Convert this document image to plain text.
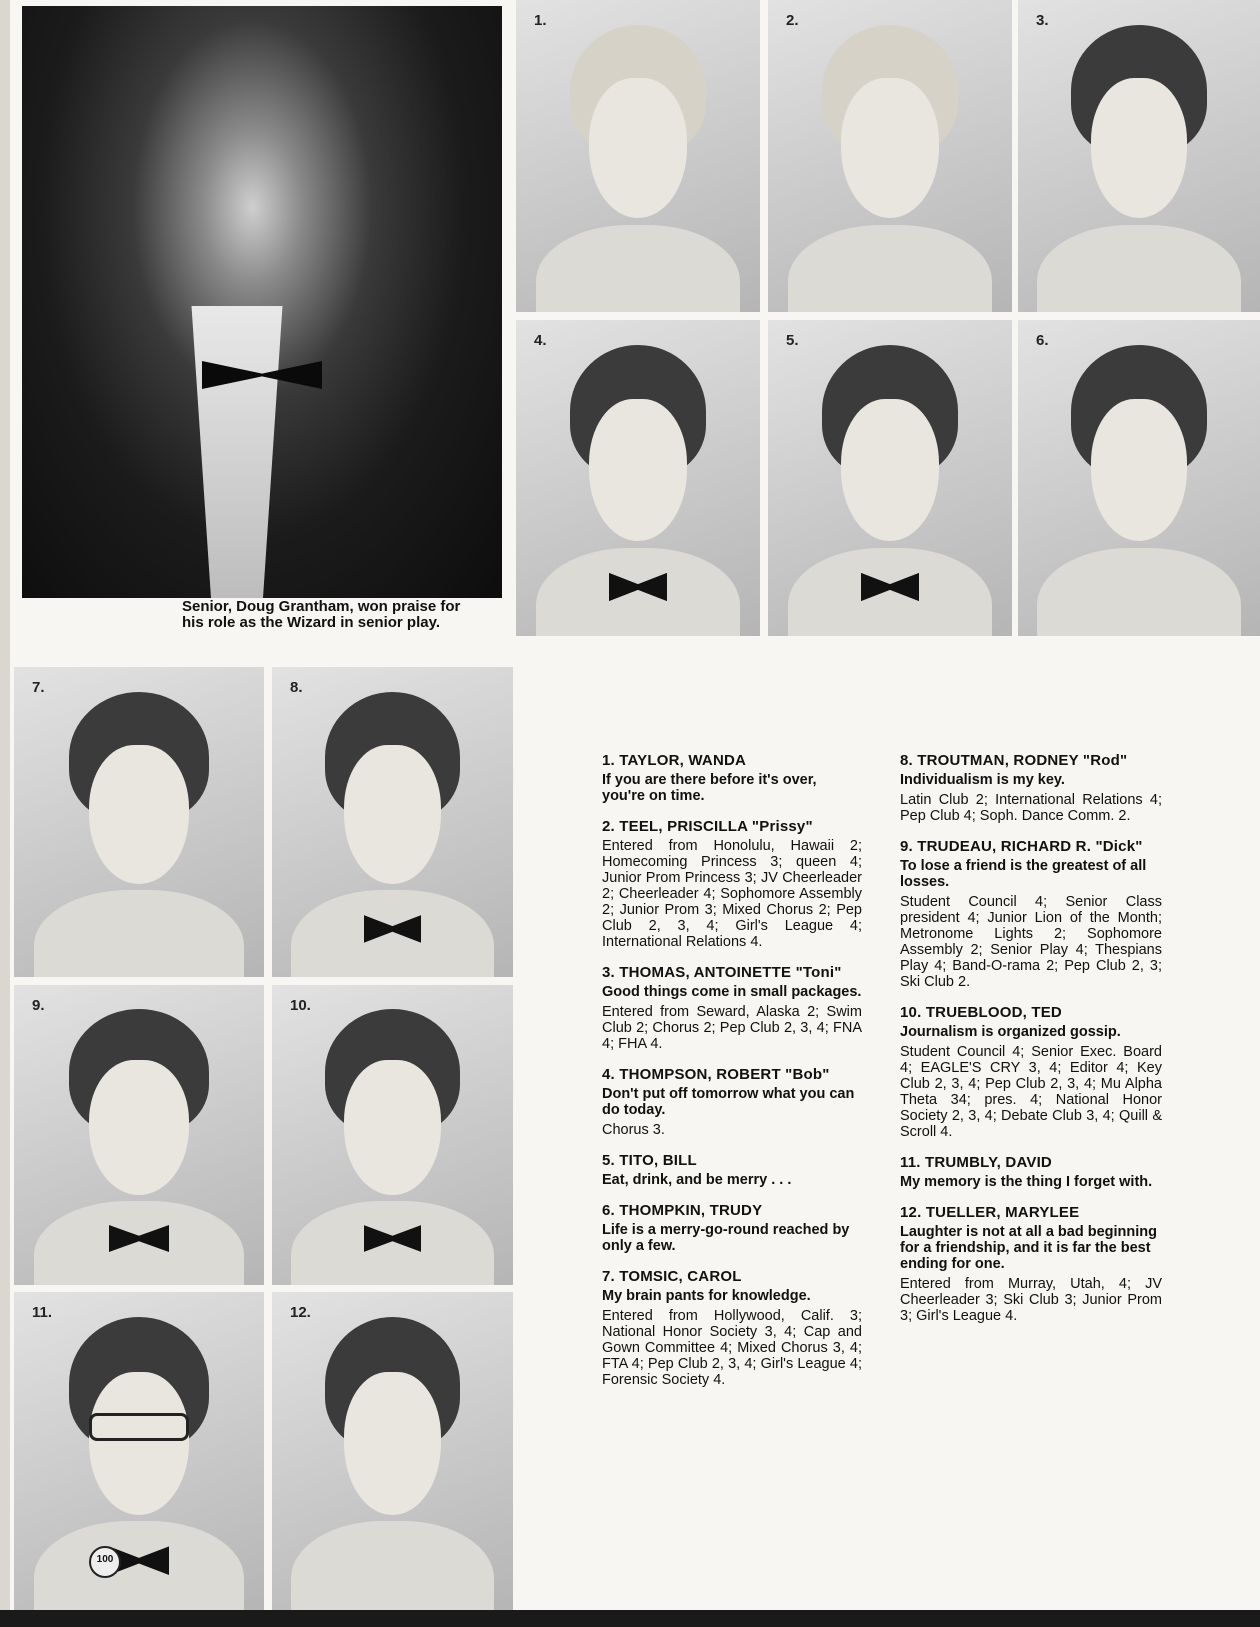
Senior, Doug Grantham, won praise for his role as the Wizard in senior play.

1.	2.	3.
4.	5.	6.
7.	8.
9.	10.
100
11.	12.
1. TAYLOR, WANDA

If you are there before it's over, you're on time.

2. TEEL, PRISCILLA "Prissy"

Entered from Honolulu, Hawaii 2; Homecoming Princess 3; queen 4; Junior Prom Princess 3; JV Cheerleader 2; Cheerleader 4; Sophomore Assembly 2; Junior Prom 3; Mixed Chorus 2; Pep Club 2, 3, 4; Girl's League 4; International Relations 4.

3. THOMAS, ANTOINETTE "Toni"

Good things come in small packages.

Entered from Seward, Alaska 2; Swim Club 2; Chorus 2; Pep Club 2, 3, 4; FNA 4; FHA 4.

4. THOMPSON, ROBERT "Bob"

Don't put off tomorrow what you can do today.

Chorus 3.

5. TITO, BILL

Eat, drink, and be merry . . .

6. THOMPKIN, TRUDY

Life is a merry-go-round reached by only a few.

7. TOMSIC, CAROL

My brain pants for knowledge.

Entered from Hollywood, Calif. 3; National Honor Society 3, 4; Cap and Gown Committee 4; Mixed Chorus 3, 4; FTA 4; Pep Club 2, 3, 4; Girl's League 4; Forensic Society 4.

8. TROUTMAN, RODNEY "Rod"

Individualism is my key.

Latin Club 2; International Relations 4; Pep Club 4; Soph. Dance Comm. 2.

9. TRUDEAU, RICHARD R. "Dick"

To lose a friend is the greatest of all losses.

Student Council 4; Senior Class president 4; Junior Lion of the Month; Metronome Lights 2; Sophomore Assembly 2; Senior Play 4; Thespians Play 4; Band-O-rama 2; Pep Club 2, 3; Ski Club 2.

10. TRUEBLOOD, TED

Journalism is organized gossip.

Student Council 4; Senior Exec. Board 4; EAGLE'S CRY 3, 4; Editor 4; Key Club 2, 3, 4; Pep Club 2, 3, 4; Mu Alpha Theta 34; pres. 4; National Honor Society 2, 3, 4; Debate Club 3, 4; Quill & Scroll 4.

11. TRUMBLY, DAVID

My memory is the thing I forget with.

12. TUELLER, MARYLEE

Laughter is not at all a bad beginning for a friendship, and it is far the best ending for one.

Entered from Murray, Utah, 4; JV Cheerleader 3; Ski Club 3; Junior Prom 3; Girl's League 4.
